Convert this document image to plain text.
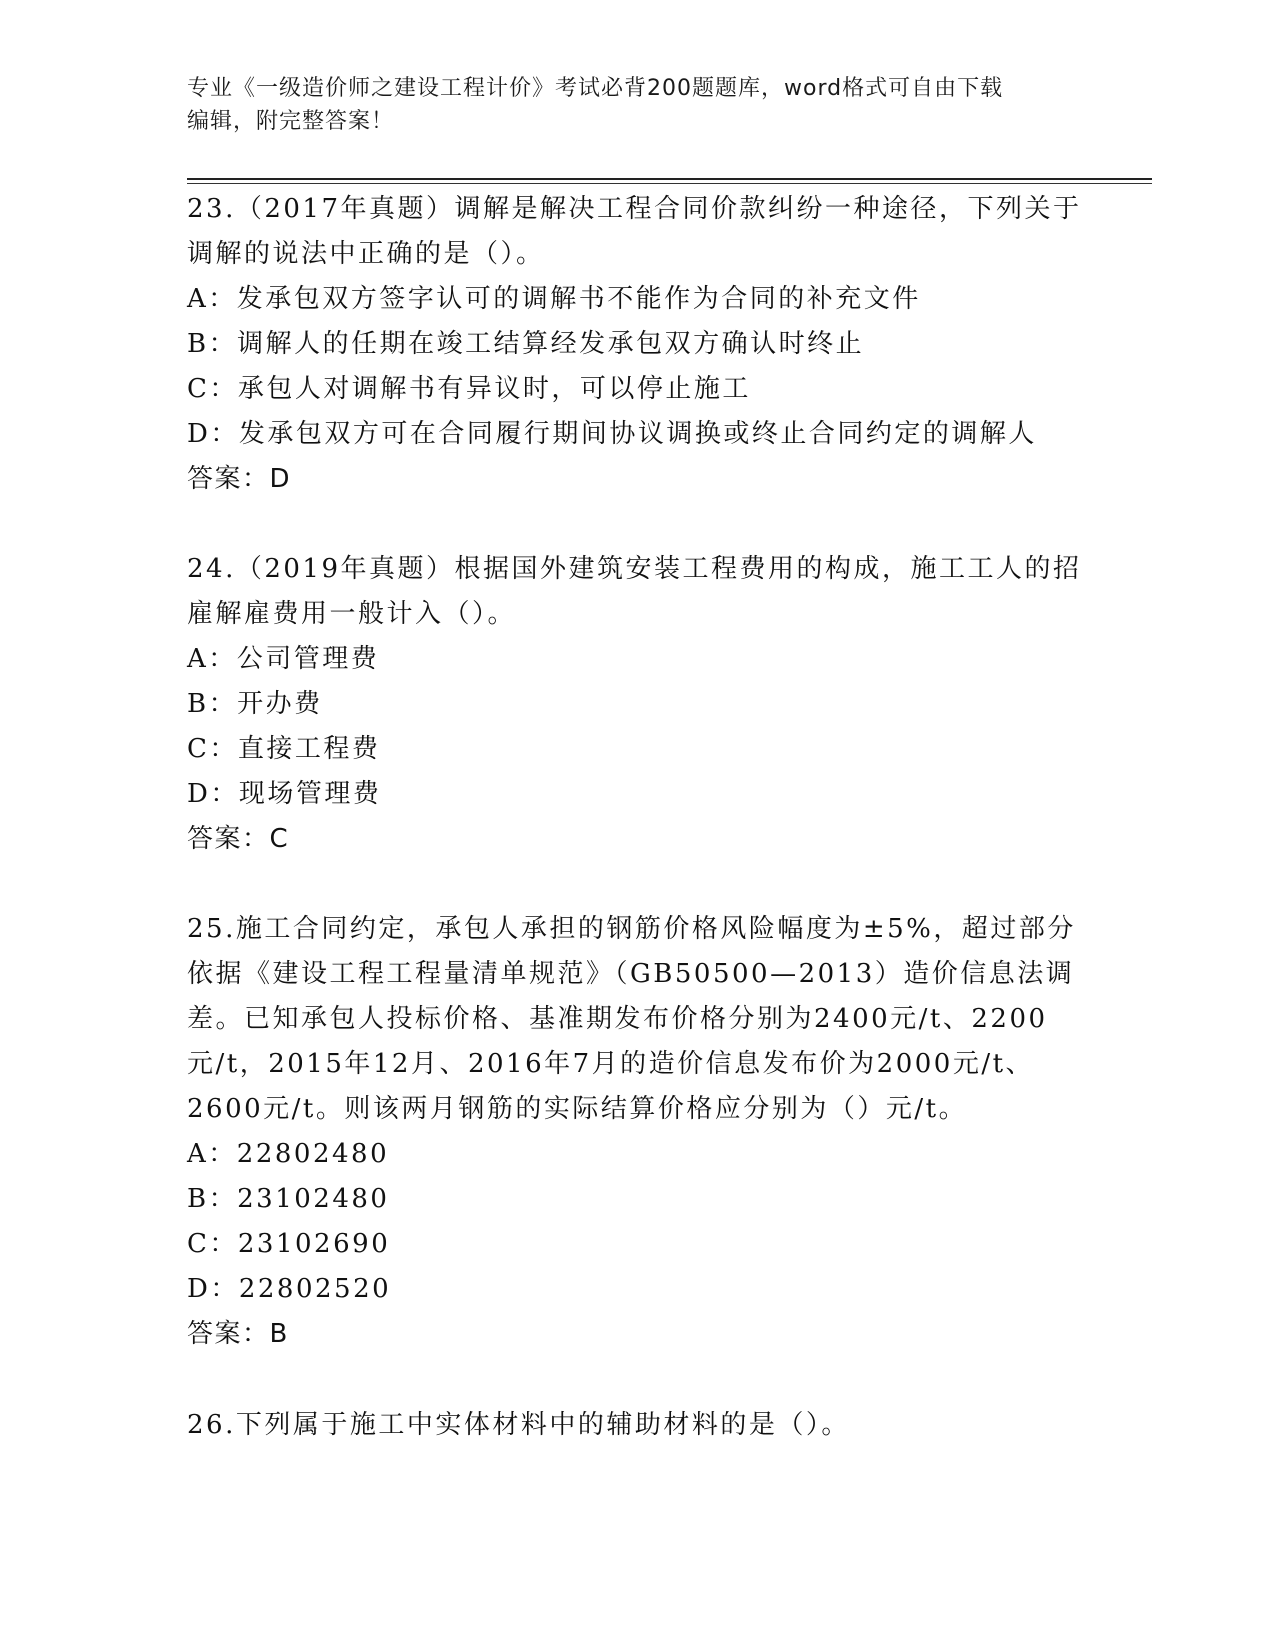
专业《一级造价师之建设工程计价》考试必背200题题库，word格式可自由下载
编辑，附完整答案！

23.（2017年真题）调解是解决工程合同价款纠纷一种途径，下列关于调解的说法中正确的是（）。

A：发承包双方签字认可的调解书不能作为合同的补充文件

B：调解人的任期在竣工结算经发承包双方确认时终止

C：承包人对调解书有异议时，可以停止施工

D：发承包双方可在合同履行期间协议调换或终止合同约定的调解人

答案：D

24.（2019年真题）根据国外建筑安装工程费用的构成，施工工人的招雇解雇费用一般计入（）。

A：公司管理费

B：开办费

C：直接工程费

D：现场管理费

答案：C

25.施工合同约定，承包人承担的钢筋价格风险幅度为±5%，超过部分依据《建设工程工程量清单规范》（GB50500—2013）造价信息法调差。已知承包人投标价格、基准期发布价格分别为2400元/t、2200元/t，2015年12月、2016年7月的造价信息发布价为2000元/t、2600元/t。则该两月钢筋的实际结算价格应分别为（）元/t。

A：22802480

B：23102480

C：23102690

D：22802520

答案：B

26.下列属于施工中实体材料中的辅助材料的是（）。
